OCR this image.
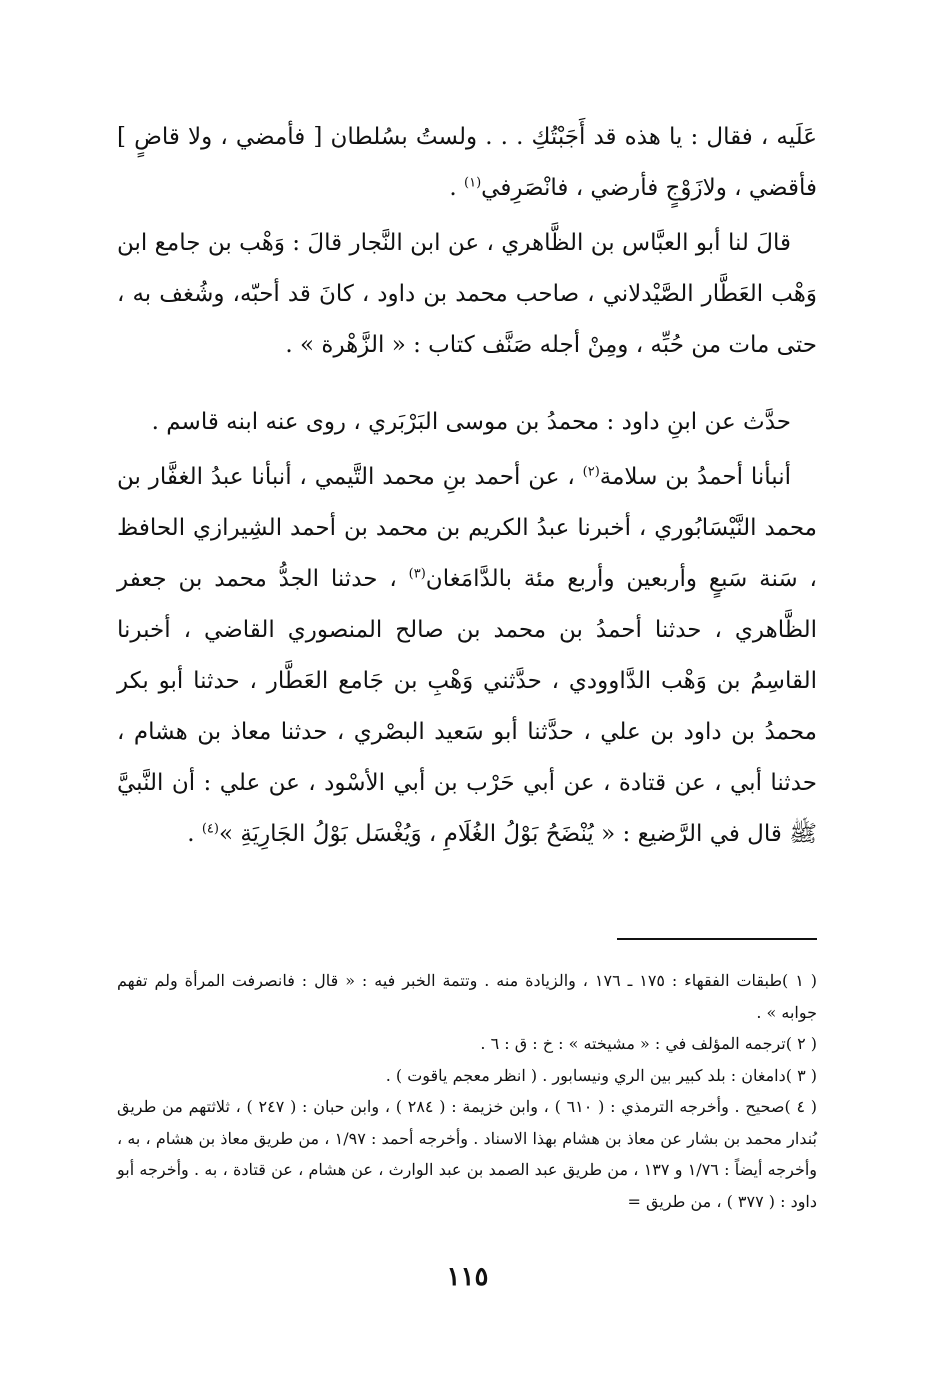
عَلَيه ، فقال : يا هذه قد أَجَبْتُكِ . . . ولستُ بسُلطان [ فأمضي ، ولا قاضٍ ] فأقضي ، ولازَوْجٍ فأرضي ، فانْصَرِفي$^{(١)}$ .

قالَ لنا أبو العبَّاس بن الظَّاهري ، عن ابن النَّجار قالَ : وَهْب بن جامع ابن وَهْب العَطَّار الصَّيْدلاني ، صاحب محمد بن داود ، كانَ قد أحبّه، وشُغف به ، حتى مات من حُبِّه ، ومِنْ أجله صَنَّف كتاب : « الزَّهْرة » .

حدَّث عن ابنِ داود : محمدُ بن موسى البَرْبَري ، روى عنه ابنه قاسم .

أنبأنا أحمدُ بن سلامة$^{(٢)}$ ، عن أحمد بنِ محمد التَّيمي ، أنبأنا عبدُ الغفَّار بن محمد النَّيْسَابُوري ، أخبرنا عبدُ الكريم بن محمد بن أحمد الشِيرازي الحافظ ، سَنة سَبعٍ وأربعين وأربع مئة بالدَّامَغان$^{(٣)}$ ، حدثنا الجدُّ محمد بن جعفر الظَّاهري ، حدثنا أحمدُ بن محمد بن صالح المنصوري القاضي ، أخبرنا القاسِمُ بن وَهْب الدَّاوودي ، حدَّثني وَهْبِ بن جَامع العَطَّار ، حدثنا أبو بكر محمدُ بن داود بن علي ، حدَّثنا أبو سَعيد البصْري ، حدثنا معاذ بن هشام ، حدثنا أبي ، عن قتادة ، عن أبي حَرْب بن أبي الأسْود ، عن علي : أن النَّبيَّ ﷺ قال في الرَّضيع : « يُنْضَحُ بَوْلُ الغُلَامِ ، وَيُغْسَل بَوْلُ الجَارِيَةِ »$^{(٤)}$ .

( ١ )طبقات الفقهاء : ١٧٥ ـ ١٧٦ ، والزيادة منه . وتتمة الخبر فيه : « قال : فانصرفت المرأة ولم تفهم جوابه » .

( ٢ )ترجمه المؤلف في : « مشيخته » : خ : ق : ٦ .

( ٣ )دامغان : بلد كبير بين الري ونيسابور . ( انظر معجم ياقوت ) .

( ٤ )صحيح . وأخرجه الترمذي : ( ٦١٠ ) ، وابن خزيمة : ( ٢٨٤ ) ، وابن حبان : ( ٢٤٧ ) ، ثلاثتهم من طريق بُندار محمد بن بشار عن معاذ بن هشام بهذا الاسناد . وأخرجه أحمد : ١/٩٧ ، من طريق معاذ بن هشام ، به ، وأخرجه أيضاً : ١/٧٦ و ١٣٧ ، من طريق عبد الصمد بن عبد الوارث ، عن هشام ، عن قتادة ، به . وأخرجه أبو داود : ( ٣٧٧ ) ، من طريق =

١١٥
